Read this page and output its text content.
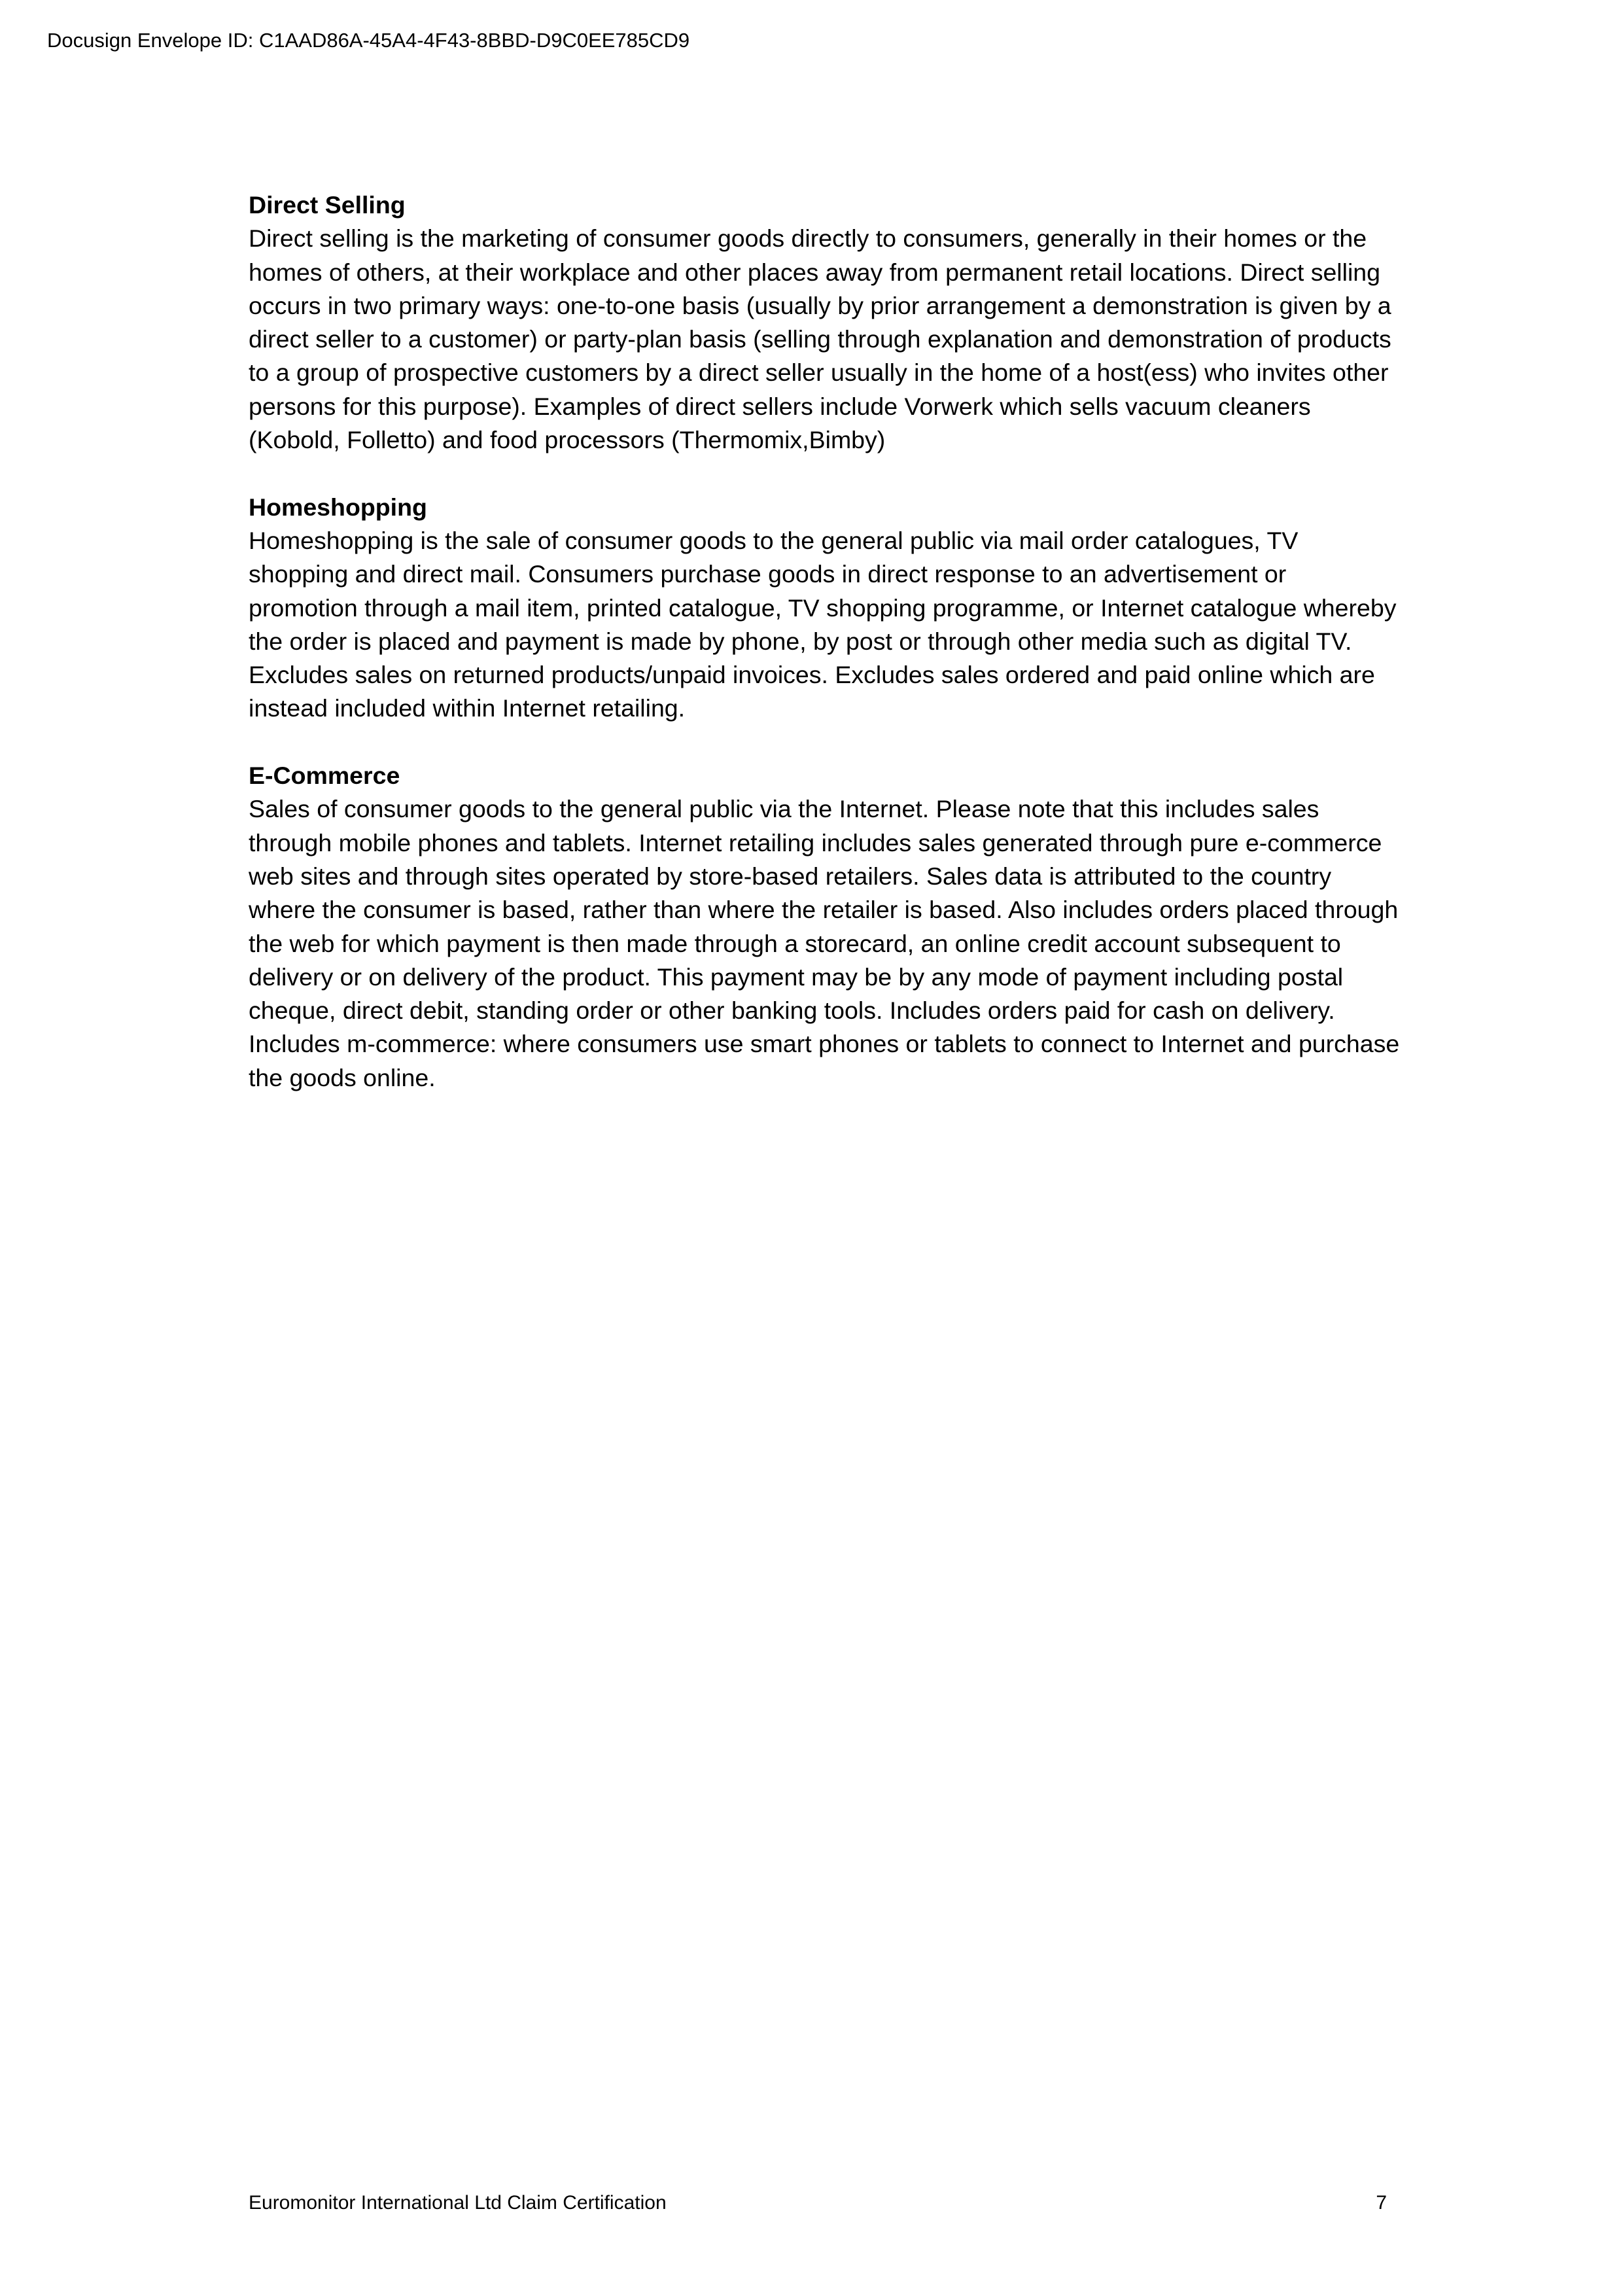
Docusign Envelope ID: C1AAD86A-45A4-4F43-8BBD-D9C0EE785CD9

Direct Selling

Direct selling is the marketing of consumer goods directly to consumers, generally in their homes or the homes of others, at their workplace and other places away from permanent retail locations. Direct selling occurs in two primary ways: one-to-one basis (usually by prior arrangement a demonstration is given by a direct seller to a customer) or party-plan basis (selling through explanation and demonstration of products to a group of prospective customers by a direct seller usually in the home of a host(ess) who invites other persons for this purpose). Examples of direct sellers include Vorwerk which sells vacuum cleaners (Kobold, Folletto) and food processors (Thermomix,Bimby)

Homeshopping

Homeshopping is the sale of consumer goods to the general public via mail order catalogues, TV shopping and direct mail. Consumers purchase goods in direct response to an advertisement or promotion through a mail item, printed catalogue, TV shopping programme, or Internet catalogue whereby the order is placed and payment is made by phone, by post or through other media such as digital TV. Excludes sales on returned products/unpaid invoices. Excludes sales ordered and paid online which are instead included within Internet retailing.

E-Commerce

Sales of consumer goods to the general public via the Internet. Please note that this includes sales through mobile phones and tablets. Internet retailing includes sales generated through pure e-commerce web sites and through sites operated by store-based retailers. Sales data is attributed to the country where the consumer is based, rather than where the retailer is based. Also includes orders placed through the web for which payment is then made through a storecard, an online credit account subsequent to delivery or on delivery of the product. This payment may be by any mode of payment including postal cheque, direct debit, standing order or other banking tools. Includes orders paid for cash on delivery. Includes m-commerce: where consumers use smart phones or tablets to connect to Internet and purchase the goods online.

Euromonitor International Ltd Claim Certification	7
